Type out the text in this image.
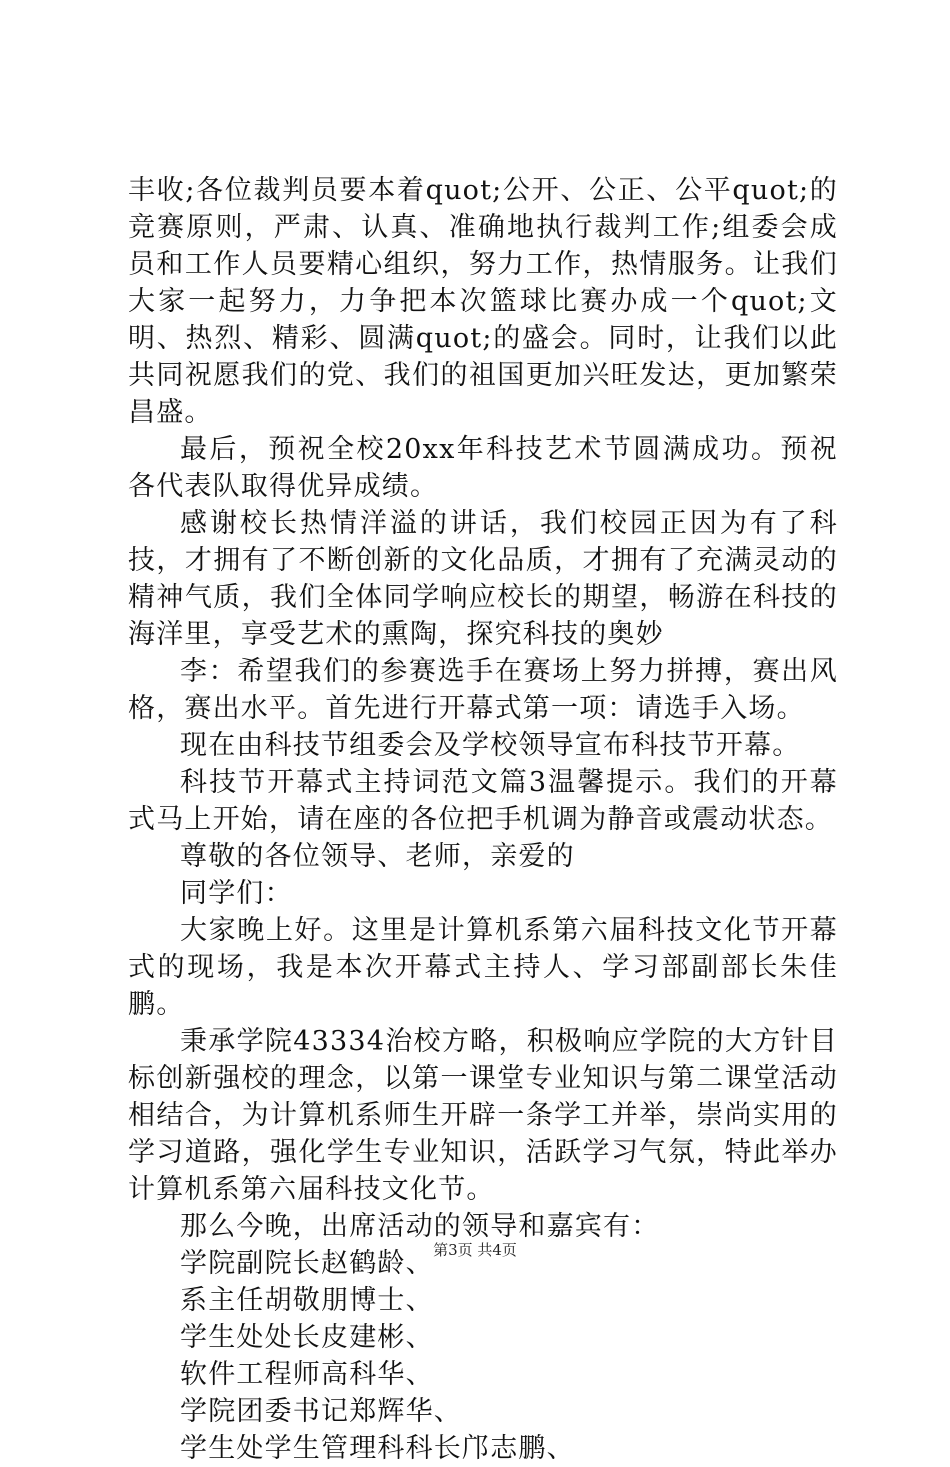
丰收;各位裁判员要本着quot;公开、公正、公平quot;的竞赛原则，严肃、认真、准确地执行裁判工作;组委会成员和工作人员要精心组织，努力工作，热情服务。让我们大家一起努力，力争把本次篮球比赛办成一个quot;文明、热烈、精彩、圆满quot;的盛会。同时，让我们以此共同祝愿我们的党、我们的祖国更加兴旺发达，更加繁荣昌盛。

最后，预祝全校20xx年科技艺术节圆满成功。预祝各代表队取得优异成绩。

感谢校长热情洋溢的讲话，我们校园正因为有了科技，才拥有了不断创新的文化品质，才拥有了充满灵动的精神气质，我们全体同学响应校长的期望，畅游在科技的海洋里，享受艺术的熏陶，探究科技的奥妙

李：希望我们的参赛选手在赛场上努力拼搏，赛出风格，赛出水平。首先进行开幕式第一项：请选手入场。

现在由科技节组委会及学校领导宣布科技节开幕。

科技节开幕式主持词范文篇3温馨提示。我们的开幕式马上开始，请在座的各位把手机调为静音或震动状态。

尊敬的各位领导、老师，亲爱的

同学们：

大家晚上好。这里是计算机系第六届科技文化节开幕式的现场，我是本次开幕式主持人、学习部副部长朱佳鹏。

秉承学院43334治校方略，积极响应学院的大方针目标创新强校的理念，以第一课堂专业知识与第二课堂活动相结合，为计算机系师生开辟一条学工并举，崇尚实用的学习道路，强化学生专业知识，活跃学习气氛，特此举办计算机系第六届科技文化节。

那么今晚，出席活动的领导和嘉宾有：

学院副院长赵鹤龄、

系主任胡敬朋博士、

学生处处长皮建彬、

软件工程师高科华、

学院团委书记郑辉华、

学生处学生管理科科长邝志鹏、

第3页 共4页
